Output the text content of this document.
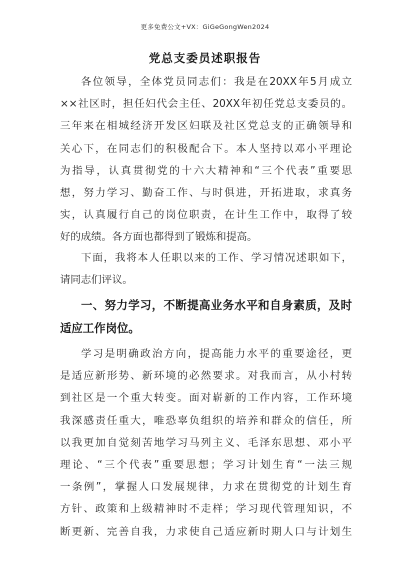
更多免费公文+VX：GiGeGongWen2024
党总支委员述职报告
各位领导，全体党员同志们：我是在20XX年5月成立
××社区时，担任妇代会主任、20XX年初任党总支委员的。
三年来在相城经济开发区妇联及社区党总支的正确领导和
关心下，在同志们的积极配合下。本人坚持以邓小平理论
为指导，认真贯彻党的十六大精神和“三个代表”重要思
想，努力学习、勤奋工作、与时俱进，开拓进取，求真务
实，认真履行自己的岗位职责，在计生工作中，取得了较
好的成绩。各方面也都得到了锻炼和提高。
下面，我将本人任职以来的工作、学习情况述职如下，
请同志们评议。
一、努力学习，不断提高业务水平和自身素质，及时
适应工作岗位。
学习是明确政治方向，提高能力水平的重要途径，更
是适应新形势、新环境的必然要求。对我而言，从小村转
到社区是一个重大转变。面对崭新的工作内容，工作环境
我深感责任重大，唯恐辜负组织的培养和群众的信任，所
以我更加自觉刻苦地学习马列主义、毛泽东思想、邓小平
理论、“三个代表”重要思想；学习计划生育“一法三规
一条例”，掌握人口发展规律，力求在贯彻党的计划生育
方针、政策和上级精神时不走样；学习现代管理知识，不
断更新、完善自我，力求使自己适应新时期人口与计划生
